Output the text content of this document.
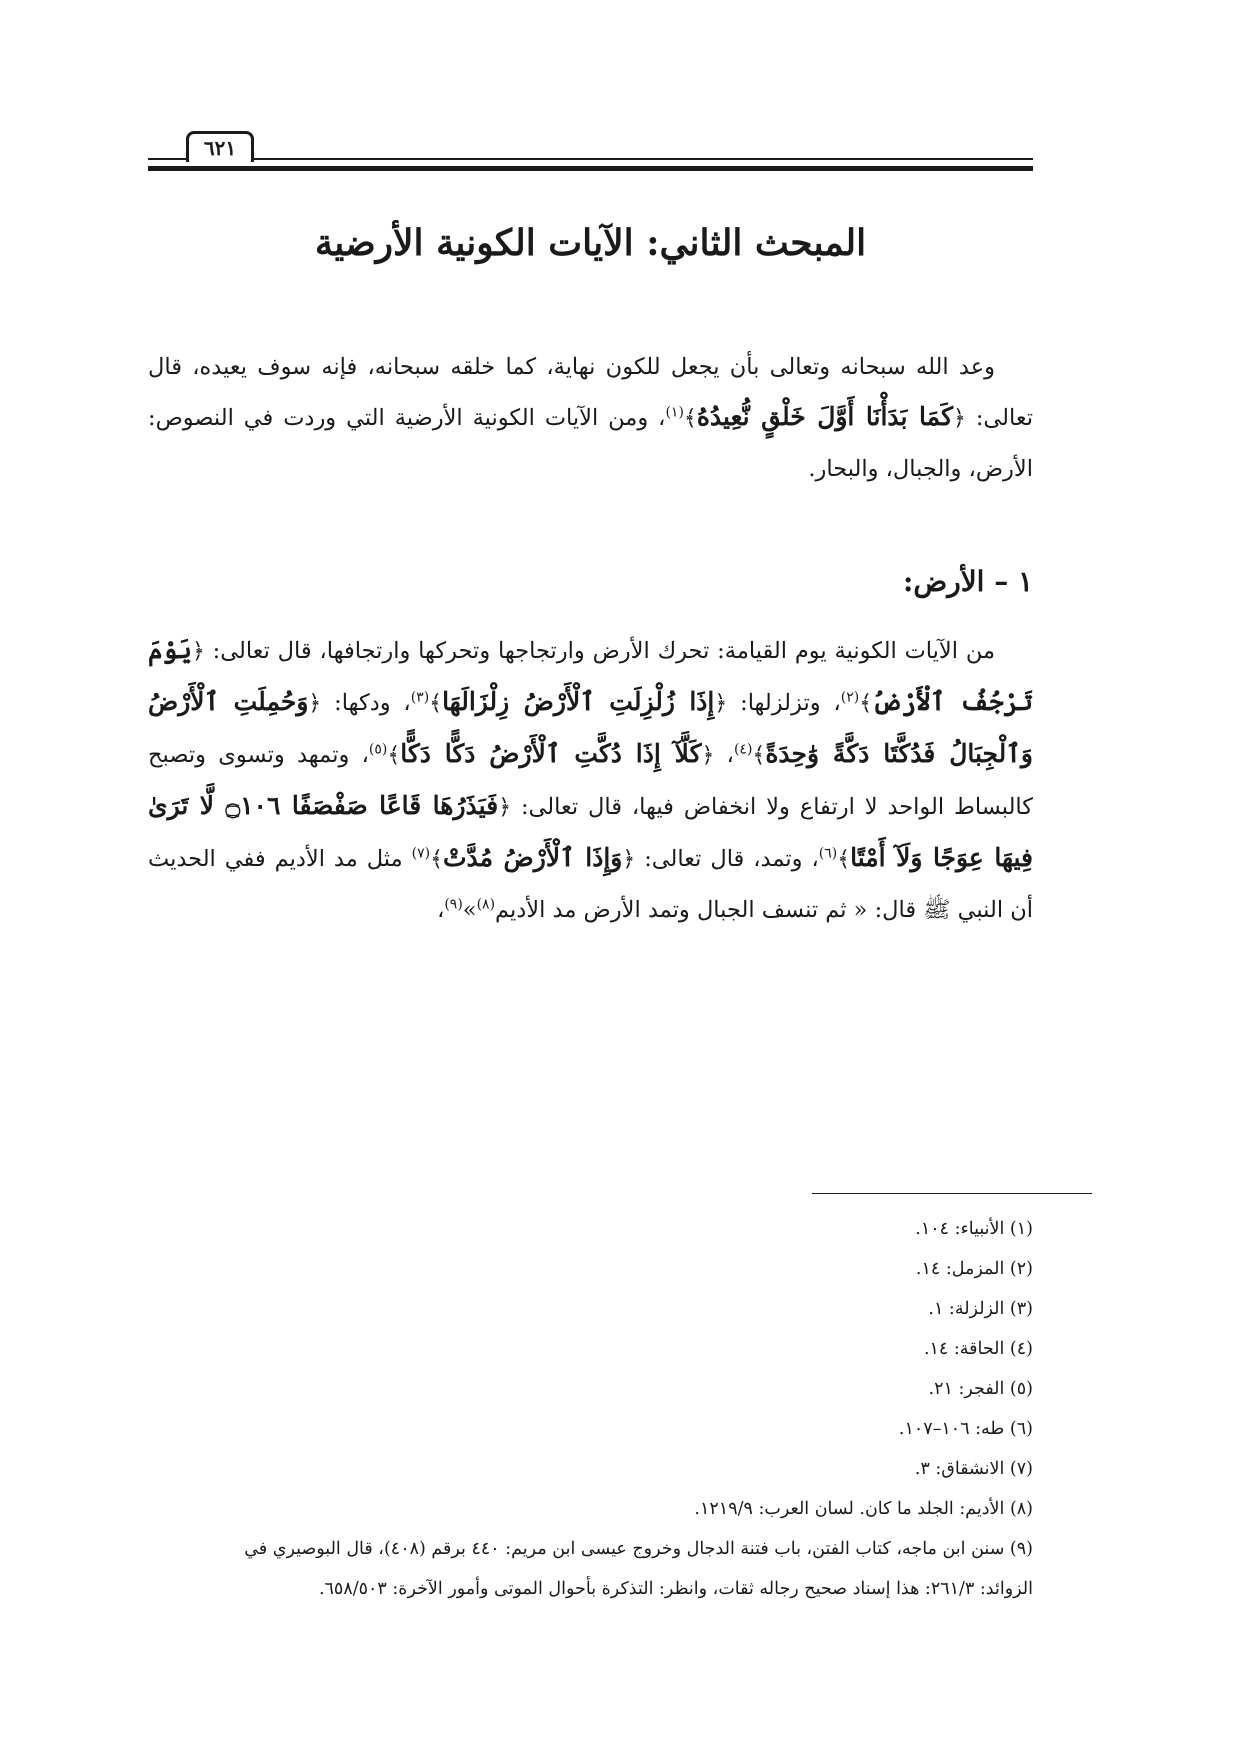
٦٢١
المبحث الثاني: الآيات الكونية الأرضية

وعد الله سبحانه وتعالى بأن يجعل للكون نهاية، كما خلقه سبحانه، فإنه سوف يعيده، قال تعالى: ﴿كَمَا بَدَأْنَا أَوَّلَ خَلْقٍ نُّعِيدُهُ﴾$^{(١)}$، ومن الآيات الكونية الأرضية التي وردت في النصوص: الأرض، والجبال، والبحار.

١ – الأرض:

من الآيات الكونية يوم القيامة: تحرك الأرض وارتجاجها وتحركها وارتجافها، قال تعالى: ﴿يَوْمَ تَرْجُفُ ٱلْأَرْضُ﴾$^{(٢)}$، وتزلزلها: ﴿إِذَا زُلْزِلَتِ ٱلْأَرْضُ زِلْزَالَهَا﴾$^{(٣)}$، ودكها: ﴿وَحُمِلَتِ ٱلْأَرْضُ وَٱلْجِبَالُ فَدُكَّتَا دَكَّةً وَٰحِدَةً﴾$^{(٤)}$، ﴿كَلَّآ إِذَا دُكَّتِ ٱلْأَرْضُ دَكًّا دَكًّا﴾$^{(٥)}$، وتمهد وتسوى وتصبح كالبساط الواحد لا ارتفاع ولا انخفاض فيها، قال تعالى: ﴿فَيَذَرُهَا قَاعًا صَفْصَفًا ۝١٠٦ لَّا تَرَىٰ فِيهَا عِوَجًا وَلَآ أَمْتًا﴾$^{(٦)}$، وتمد، قال تعالى: ﴿وَإِذَا ٱلْأَرْضُ مُدَّتْ﴾$^{(٧)}$ مثل مد الأديم ففي الحديث أن النبي ﷺ قال: « ثم تنسف الجبال وتمد الأرض مد الأديم$^{(٨)}$»$^{(٩)}$،

(١) الأنبياء: ١٠٤.
(٢) المزمل: ١٤.
(٣) الزلزلة: ١.
(٤) الحاقة: ١٤.
(٥) الفجر: ٢١.
(٦) طه: ١٠٦–١٠٧.
(٧) الانشقاق: ٣.
(٨) الأديم: الجلد ما كان. لسان العرب: ١٢١٩/٩.
(٩) سنن ابن ماجه، كتاب الفتن، باب فتنة الدجال وخروج عيسى ابن مريم: ٤٤٠ برقم (٤٠٨)، قال البوصيري في
الزوائد: ٢٦١/٣: هذا إسناد صحيح رجاله ثقات، وانظر: التذكرة بأحوال الموتى وأمور الآخرة: ٦٥٨/٥٠٣.
